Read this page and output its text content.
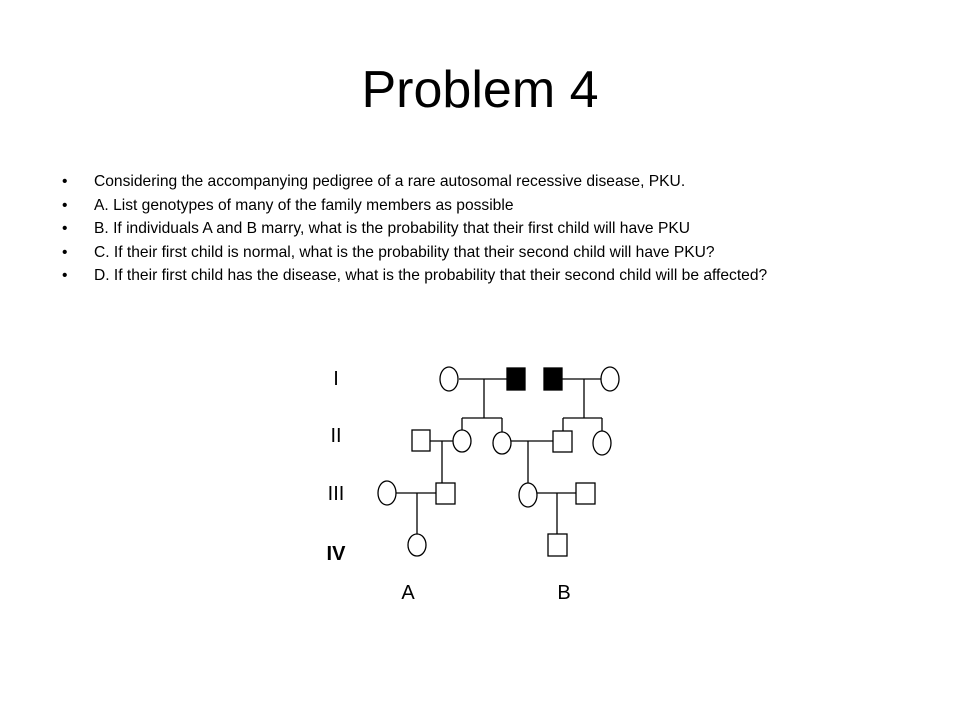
Problem 4
• Considering the accompanying pedigree of a rare autosomal recessive disease, PKU.
• A. List genotypes of many of the family members as possible
• B. If individuals A and B marry, what is the probability that their first child will have PKU
• C. If their first child is normal, what is the probability that their second child will have PKU?
• D. If their first child has the disease, what is the probability that their second child will be affected?
I
II
III
IV
A	B
